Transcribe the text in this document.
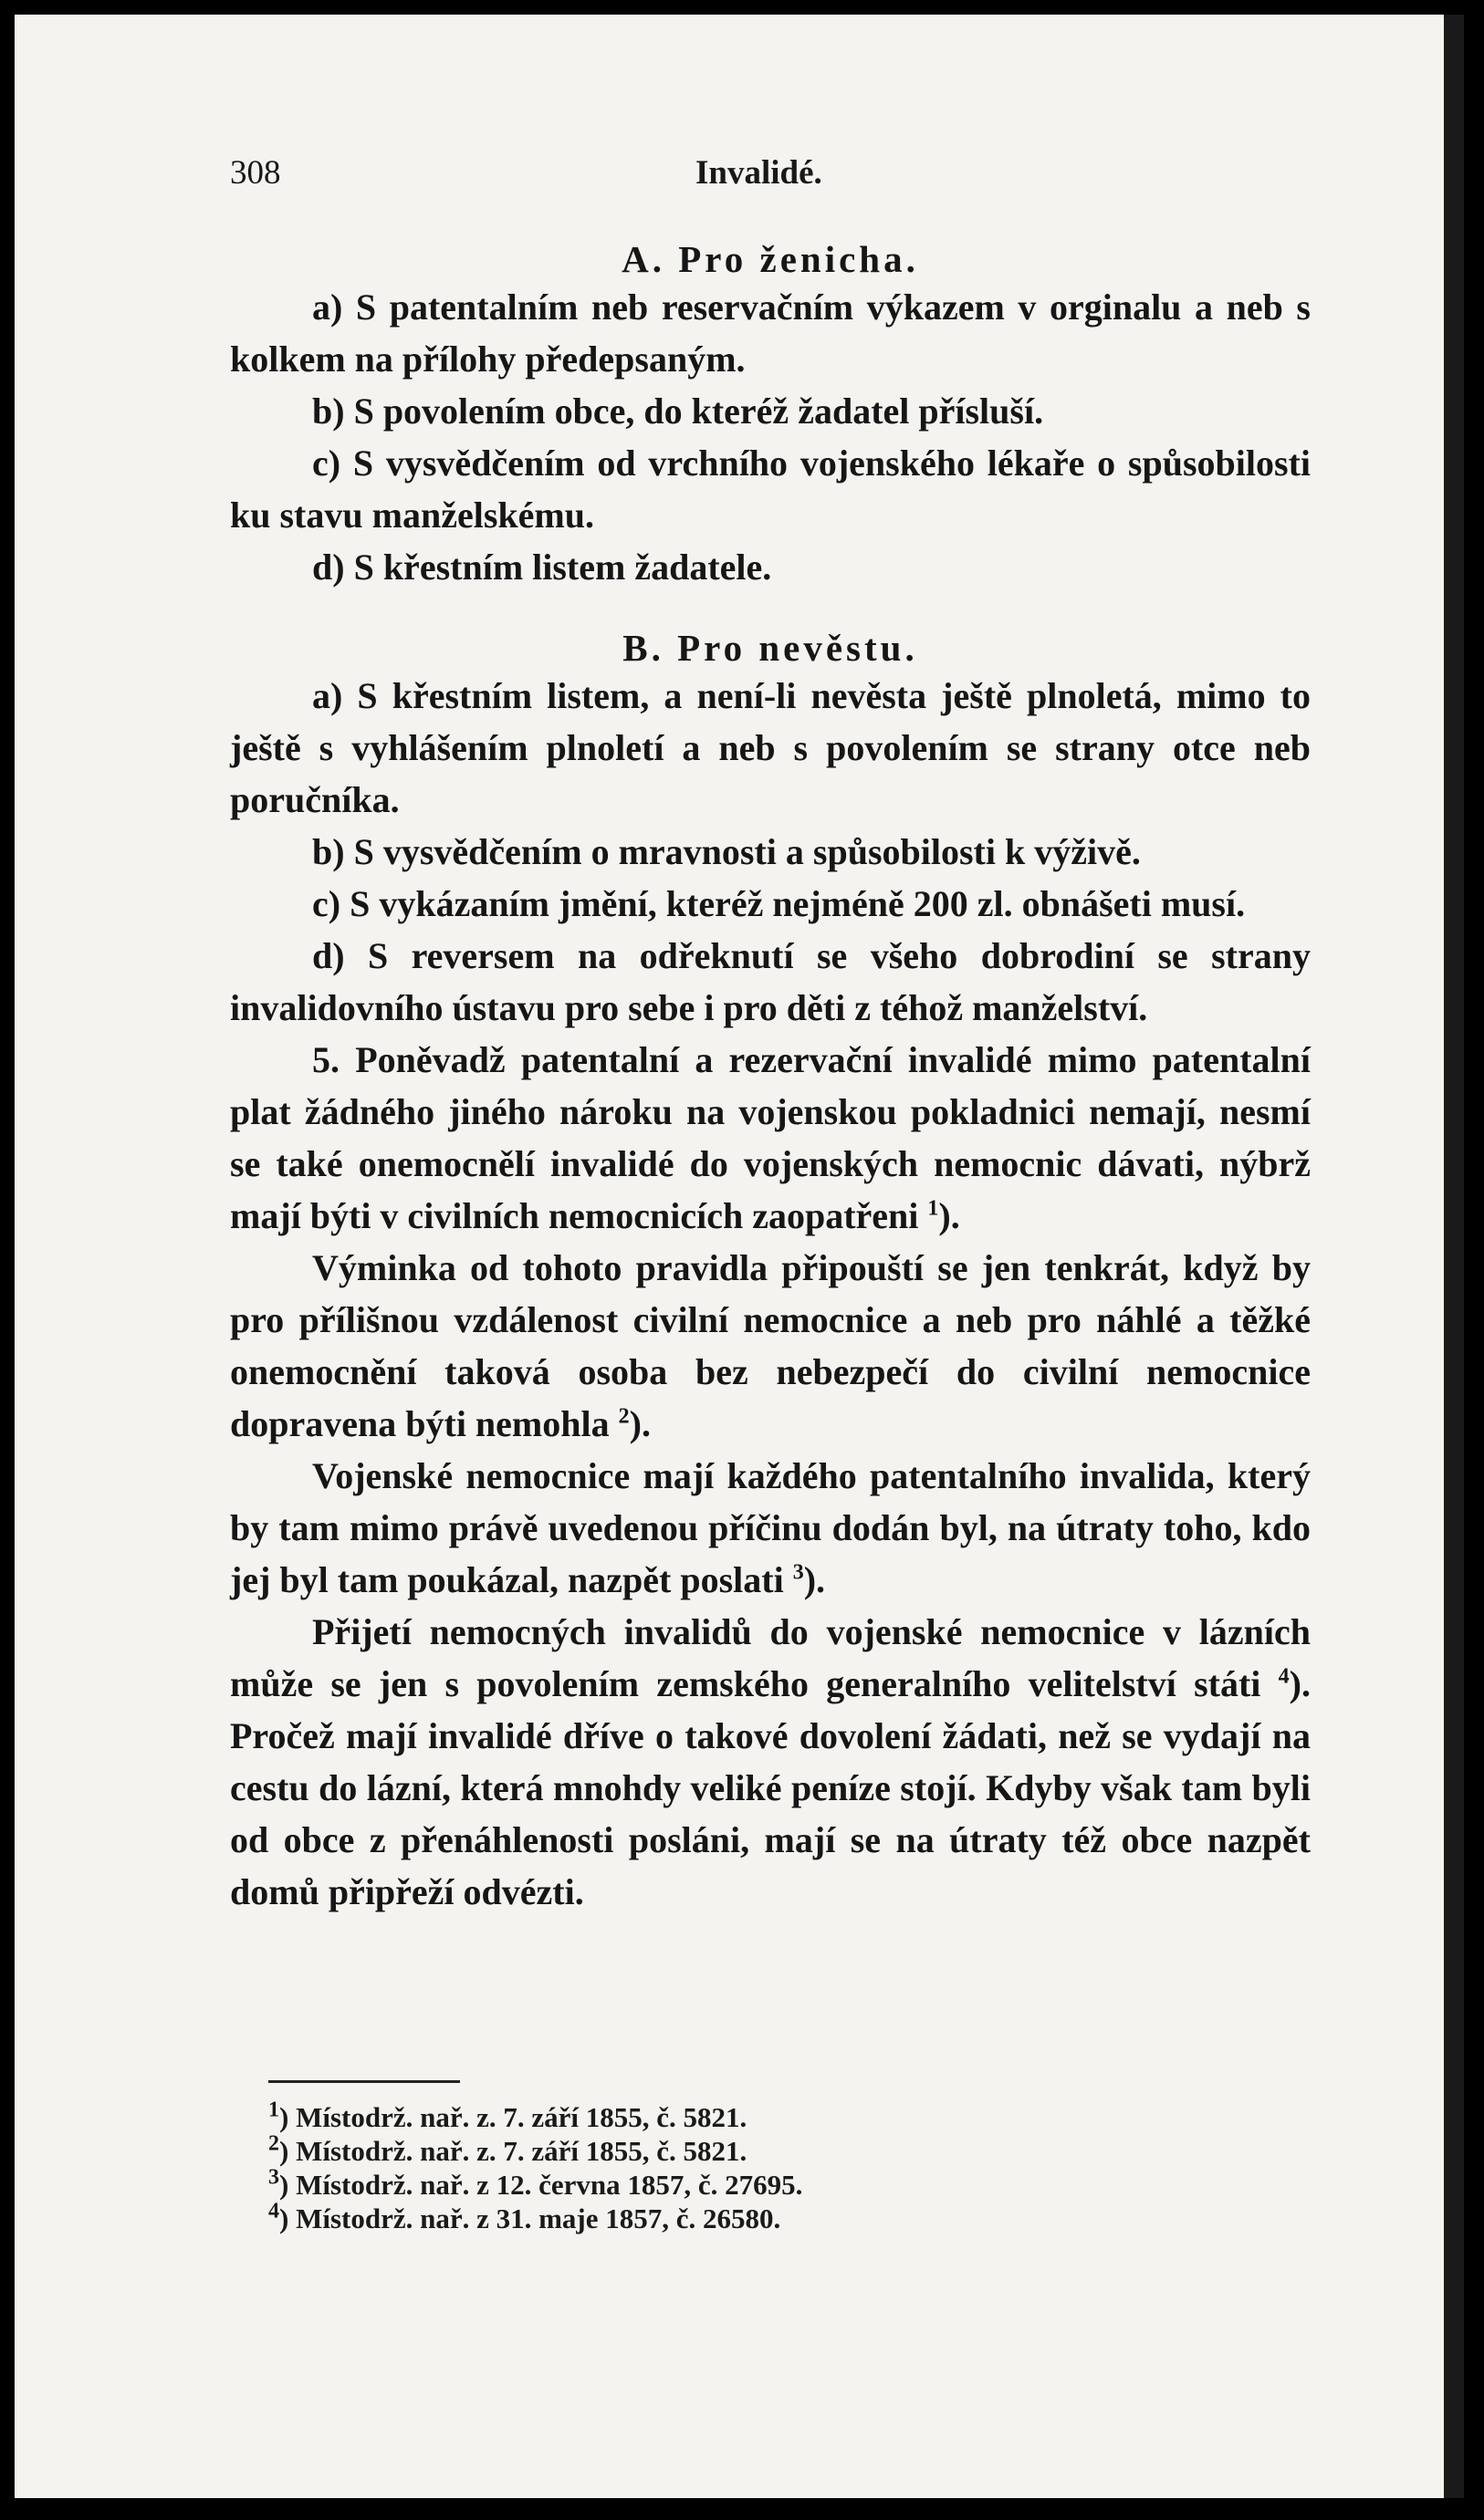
308	Invalidé.

A. Pro ženicha.

a) S patentalním neb reservačním výkazem v orginalu a neb s kolkem na přílohy předepsaným.

b) S povolením obce, do kteréž žadatel přísluší.

c) S vysvědčením od vrchního vojenského lékaře o spůsobilosti ku stavu manželskému.

d) S křestním listem žadatele.

B. Pro nevěstu.

a) S křestním listem, a není-li nevěsta ještě plnoletá, mimo to ještě s vyhlášením plnoletí a neb s povolením se strany otce neb poručníka.

b) S vysvědčením o mravnosti a spůsobilosti k výživě.

c) S vykázaním jmění, kteréž nejméně 200 zl. obnášeti musí.

d) S reversem na odřeknutí se všeho dobrodiní se strany invalidovního ústavu pro sebe i pro děti z téhož manželství.

5. Poněvadž patentalní a rezervační invalidé mimo patentalní plat žádného jiného nároku na vojenskou pokladnici nemají, nesmí se také onemocnělí invalidé do vojenských nemocnic dávati, nýbrž mají býti v civilních nemocnicích zaopatřeni $^1$).

Výminka od tohoto pravidla připouští se jen tenkrát, když by pro přílišnou vzdálenost civilní nemocnice a neb pro náhlé a těžké onemocnění taková osoba bez nebezpečí do civilní nemocnice dopravena býti nemohla $^2$).

Vojenské nemocnice mají každého patentalního invalida, který by tam mimo právě uvedenou příčinu dodán byl, na útraty toho, kdo jej byl tam poukázal, nazpět poslati $^3$).

Přijetí nemocných invalidů do vojenské nemocnice v lázních může se jen s povolením zemského generalního velitelství státi $^4$). Pročež mají invalidé dříve o takové dovolení žádati, než se vydají na cestu do lázní, která mnohdy veliké peníze stojí. Kdyby však tam byli od obce z přenáhlenosti posláni, mají se na útraty též obce nazpět domů připřeží odvézti.

$^1$) Místodrž. nař. z. 7. září 1855, č. 5821.
$^2$) Místodrž. nař. z. 7. září 1855, č. 5821.
$^3$) Místodrž. nař. z 12. června 1857, č. 27695.
$^4$) Místodrž. nař. z 31. maje 1857, č. 26580.
